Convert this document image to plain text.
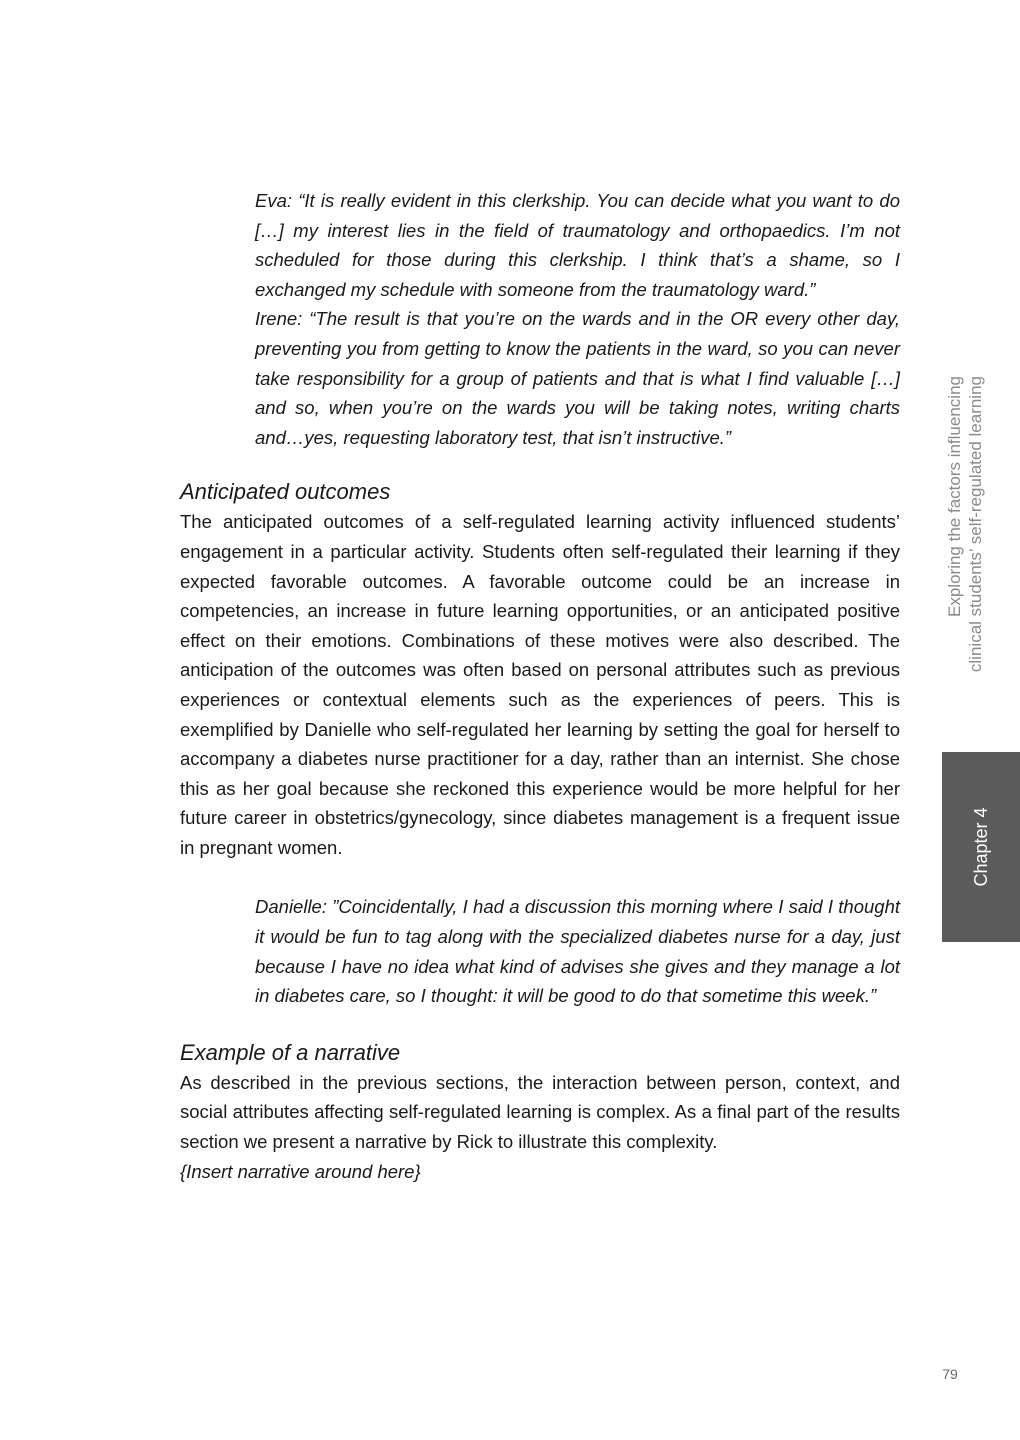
Eva: “It is really evident in this clerkship. You can decide what you want to do […] my interest lies in the field of traumatology and orthopaedics. I’m not scheduled for those during this clerkship. I think that’s a shame, so I exchanged my schedule with someone from the traumatology ward.”

Irene: “The result is that you’re on the wards and in the OR every other day, preventing you from getting to know the patients in the ward, so you can never take responsibility for a group of patients and that is what I find valuable […] and so, when you’re on the wards you will be taking notes, writing charts and…yes, requesting laboratory test, that isn’t instructive.”

Anticipated outcomes

The anticipated outcomes of a self-regulated learning activity influenced students’ engagement in a particular activity. Students often self-regulated their learning if they expected favorable outcomes. A favorable outcome could be an increase in competencies, an increase in future learning opportunities, or an anticipated positive effect on their emotions. Combinations of these motives were also described. The anticipation of the outcomes was often based on personal attributes such as previous experiences or contextual elements such as the experiences of peers. This is exemplified by Danielle who self-regulated her learning by setting the goal for herself to accompany a diabetes nurse practitioner for a day, rather than an internist. She chose this as her goal because she reckoned this experience would be more helpful for her future career in obstetrics/gynecology, since diabetes management is a frequent issue in pregnant women.

Danielle: ”Coincidentally, I had a discussion this morning where I said I thought it would be fun to tag along with the specialized diabetes nurse for a day, just because I have no idea what kind of advises she gives and they manage a lot in diabetes care, so I thought: it will be good to do that sometime this week.”

Example of a narrative

As described in the previous sections, the interaction between person, context, and social attributes affecting self-regulated learning is complex. As a final part of the results section we present a narrative by Rick to illustrate this complexity.

{Insert narrative around here}

Exploring the factors influencing clinical students’ self-regulated learning
Chapter 4
79
